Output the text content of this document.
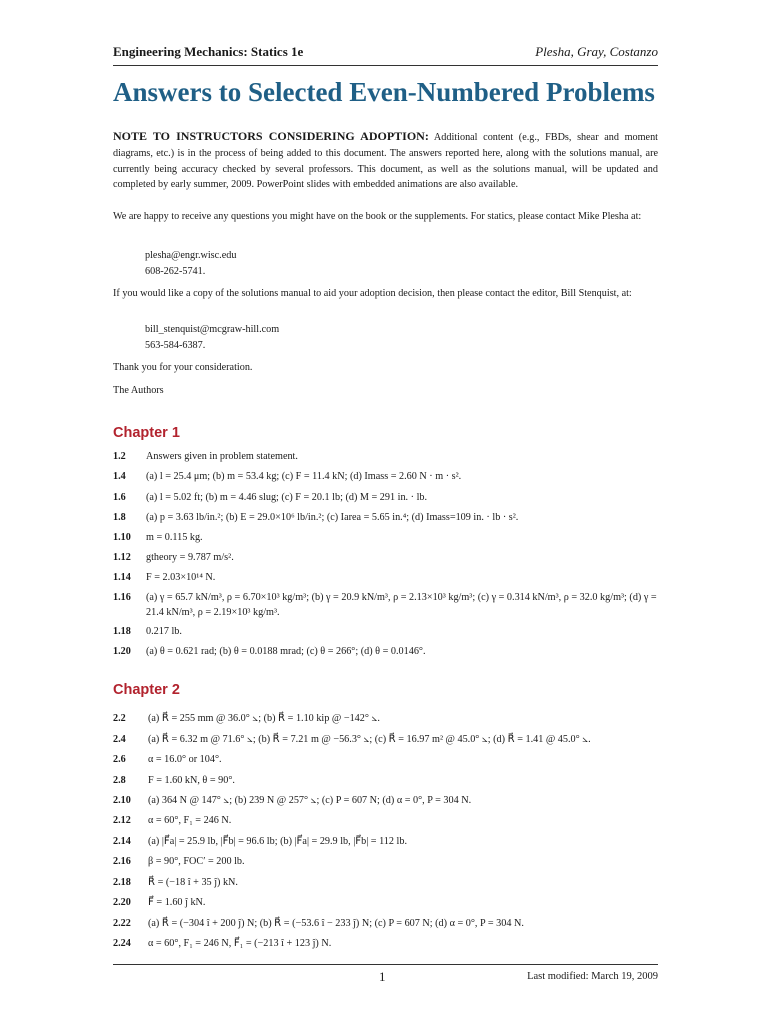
Engineering Mechanics: Statics 1e	Plesha, Gray, Costanzo
Answers to Selected Even-Numbered Problems
NOTE TO INSTRUCTORS CONSIDERING ADOPTION: Additional content (e.g., FBDs, shear and moment diagrams, etc.) is in the process of being added to this document. The answers reported here, along with the solutions manual, are currently being accuracy checked by several professors. This document, as well as the solutions manual, will be updated and completed by early summer, 2009. PowerPoint slides with embedded animations are also available.
We are happy to receive any questions you might have on the book or the supplements. For statics, please contact Mike Plesha at:
plesha@engr.wisc.edu
608-262-5741.
If you would like a copy of the solutions manual to aid your adoption decision, then please contact the editor, Bill Stenquist, at:
bill_stenquist@mcgraw-hill.com
563-584-6387.
Thank you for your consideration.
The Authors
Chapter 1
1.2 Answers given in problem statement.
1.4 (a) l = 25.4 μm; (b) m = 53.4 kg; (c) F = 11.4 kN; (d) Imass = 2.60 N · m · s².
1.6 (a) l = 5.02 ft; (b) m = 4.46 slug; (c) F = 20.1 lb; (d) M = 291 in. · lb.
1.8 (a) p = 3.63 lb/in.²; (b) E = 29.0×10⁶ lb/in.²; (c) Iarea = 5.65 in.⁴; (d) Imass=109 in. · lb · s².
1.10 m = 0.115 kg.
1.12 gtheory = 9.787 m/s².
1.14 F = 2.03×10¹⁴ N.
1.16 (a) γ = 65.7 kN/m³, ρ = 6.70×10³ kg/m³; (b) γ = 20.9 kN/m³, ρ = 2.13×10³ kg/m³; (c) γ = 0.314 kN/m³, ρ = 32.0 kg/m³; (d) γ = 21.4 kN/m³, ρ = 2.19×10³ kg/m³.
1.18 0.217 lb.
1.20 (a) θ = 0.621 rad; (b) θ = 0.0188 mrad; (c) θ = 266°; (d) θ = 0.0146°.
Chapter 2
2.2 (a) R⃗ = 255 mm @ 36.0° ⦣; (b) R⃗ = 1.10 kip @ −142° ⦣.
2.4 (a) R⃗ = 6.32 m @ 71.6° ⦣; (b) R⃗ = 7.21 m @ −56.3° ⦣; (c) R⃗ = 16.97 m² @ 45.0° ⦣; (d) R⃗ = 1.41 @ 45.0° ⦣.
2.6 α = 16.0° or 104°.
2.8 F = 1.60 kN, θ = 90°.
2.10 (a) 364 N @ 147° ⦣; (b) 239 N @ 257° ⦣; (c) P = 607 N; (d) α = 0°, P = 304 N.
2.12 α = 60°, F₁ = 246 N.
2.14 (a) |F⃗a| = 25.9 lb, |F⃗b| = 96.6 lb; (b) |F⃗a| = 29.9 lb, |F⃗b| = 112 lb.
2.16 β = 90°, FOC′ = 200 lb.
2.18 R⃗ = (−18 î + 35 ĵ) kN.
2.20 F⃗ = 1.60 ĵ kN.
2.22 (a) R⃗ = (−304 î + 200 ĵ) N; (b) R⃗ = (−53.6 î − 233 ĵ) N; (c) P = 607 N; (d) α = 0°, P = 304 N.
2.24 α = 60°, F₁ = 246 N, F⃗₁ = (−213 î + 123 ĵ) N.
1	Last modified: March 19, 2009
